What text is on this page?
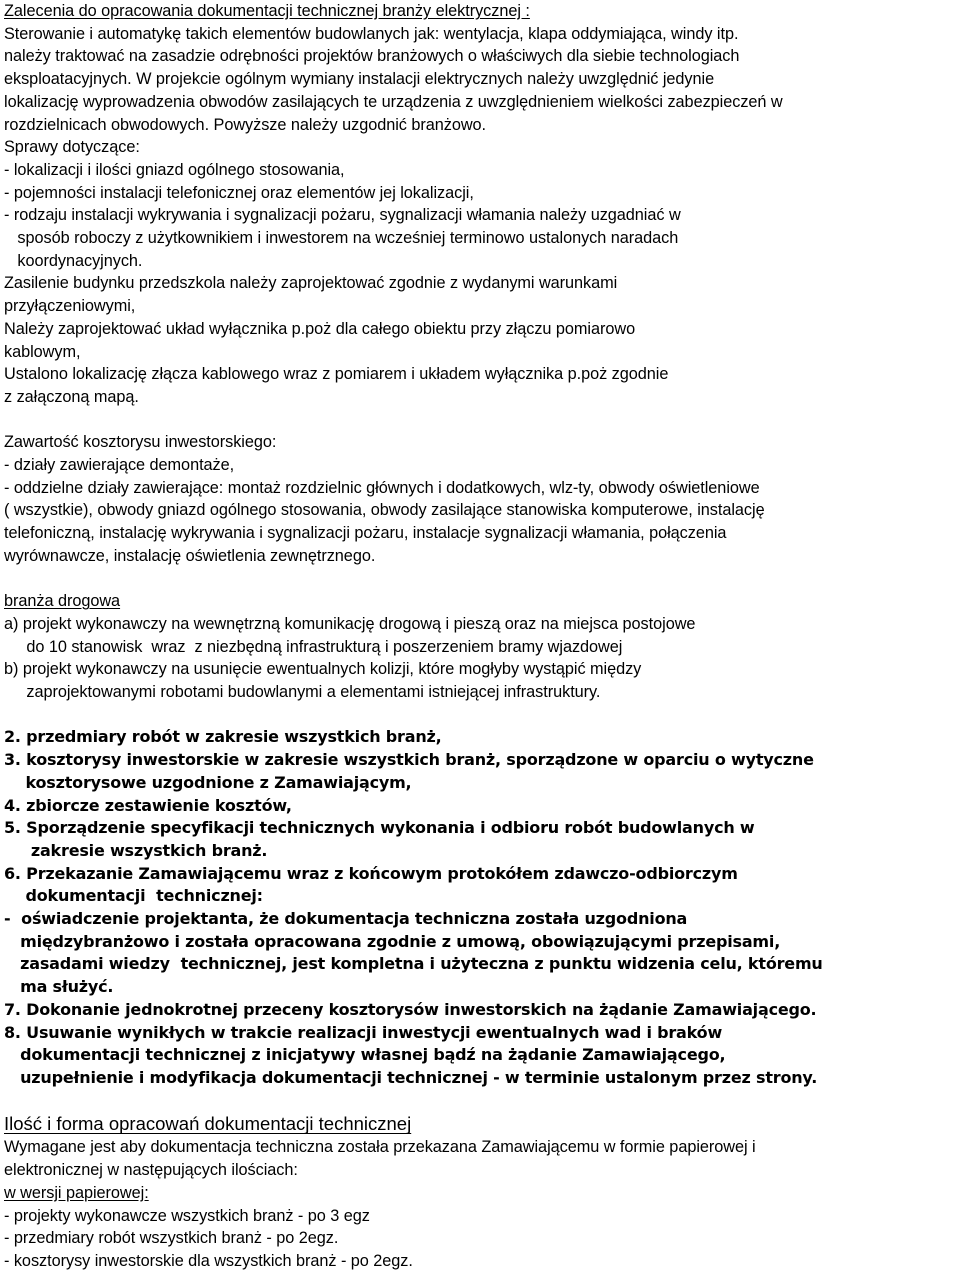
Zalecenia do opracowania dokumentacji technicznej branży elektrycznej :
Sterowanie i automatykę takich elementów budowlanych jak: wentylacja, klapa oddymiająca, windy itp.
należy traktować na zasadzie odrębności projektów branżowych o właściwych dla siebie technologiach
eksploatacyjnych. W projekcie ogólnym wymiany instalacji elektrycznych należy uwzględnić jedynie
lokalizację wyprowadzenia obwodów zasilających te urządzenia z uwzględnieniem wielkości zabezpieczeń w
rozdzielnicach obwodowych. Powyższe należy uzgodnić branżowo.
Sprawy dotyczące:
- lokalizacji i ilości gniazd ogólnego stosowania,
- pojemności instalacji telefonicznej oraz elementów jej lokalizacji,
- rodzaju instalacji wykrywania i sygnalizacji pożaru, sygnalizacji włamania należy uzgadniać w
sposób roboczy z użytkownikiem i inwestorem na wcześniej terminowo ustalonych naradach
koordynacyjnych.
Zasilenie budynku przedszkola należy zaprojektować zgodnie z wydanymi warunkami
przyłączeniowymi,
Należy zaprojektować układ wyłącznika p.poż dla całego obiektu przy złączu pomiarowo
kablowym,
Ustalono lokalizację złącza kablowego wraz z pomiarem i układem wyłącznika p.poż zgodnie
z załączoną mapą.
Zawartość kosztorysu inwestorskiego:
- działy zawierające demontaże,
- oddzielne działy zawierające: montaż rozdzielnic głównych i dodatkowych, wlz-ty, obwody oświetleniowe
( wszystkie), obwody gniazd ogólnego stosowania, obwody zasilające stanowiska komputerowe, instalację
telefoniczną, instalację wykrywania i sygnalizacji pożaru, instalacje sygnalizacji włamania, połączenia
wyrównawcze, instalację oświetlenia zewnętrznego.
branża drogowa
a) projekt wykonawczy na wewnętrzną komunikację drogową i pieszą oraz na miejsca postojowe
do 10 stanowisk  wraz  z niezbędną infrastrukturą i poszerzeniem bramy wjazdowej
b) projekt wykonawczy na usunięcie ewentualnych kolizji, które mogłyby wystąpić między
zaprojektowanymi robotami budowlanymi a elementami istniejącej infrastruktury.
2. przedmiary robót w zakresie wszystkich branż,
3. kosztorysy inwestorskie w zakresie wszystkich branż, sporządzone w oparciu o wytyczne
kosztorysowe uzgodnione z Zamawiającym,
4. zbiorcze zestawienie kosztów,
5. Sporządzenie specyfikacji technicznych wykonania i odbioru robót budowlanych w
zakresie wszystkich branż.
6. Przekazanie Zamawiającemu wraz z końcowym protokółem zdawczo-odbiorczym
dokumentacji  technicznej:
-  oświadczenie projektanta, że dokumentacja techniczna została uzgodniona
międzybranżowo i została opracowana zgodnie z umową, obowiązującymi przepisami,
zasadami wiedzy  technicznej, jest kompletna i użyteczna z punktu widzenia celu, któremu
ma służyć.
7. Dokonanie jednokrotnej przeceny kosztorysów inwestorskich na żądanie Zamawiającego.
8. Usuwanie wynikłych w trakcie realizacji inwestycji ewentualnych wad i braków
dokumentacji technicznej z inicjatywy własnej bądź na żądanie Zamawiającego,
uzupełnienie i modyfikacja dokumentacji technicznej - w terminie ustalonym przez strony.
Ilość i forma opracowań dokumentacji technicznej
Wymagane jest aby dokumentacja techniczna została przekazana Zamawiającemu w formie papierowej i
elektronicznej w następujących ilościach:
w wersji papierowej:
- projekty wykonawcze wszystkich branż - po 3 egz
- przedmiary robót wszystkich branż - po 2egz.
- kosztorysy inwestorskie dla wszystkich branż - po 2egz.
